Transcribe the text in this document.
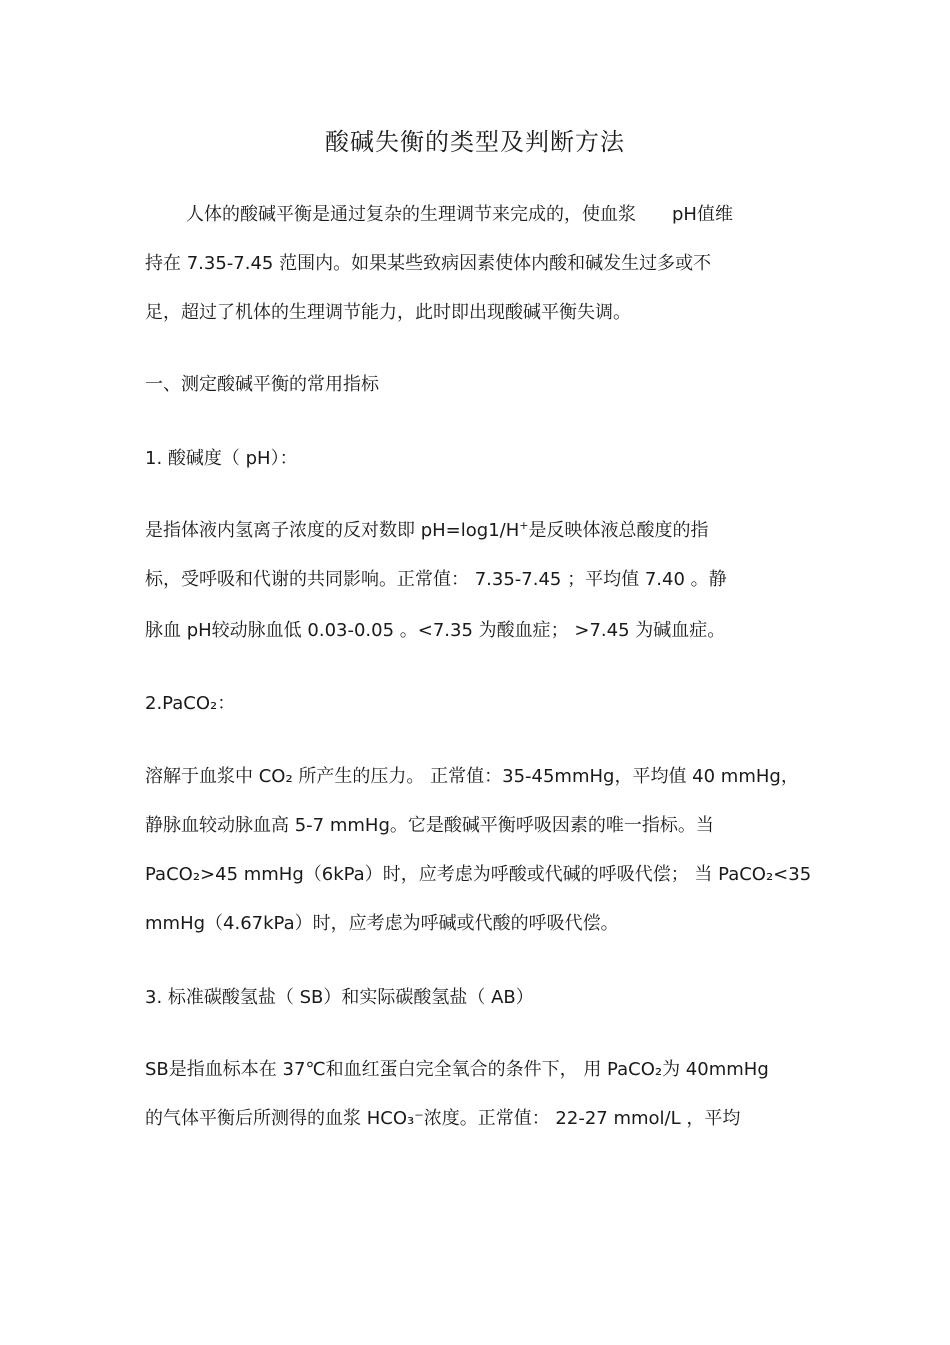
酸碱失衡的类型及判断方法
人体的酸碱平衡是通过复杂的生理调节来完成的，使血浆　　pH值维
持在 7.35-7.45 范围内。如果某些致病因素使体内酸和碱发生过多或不
足，超过了机体的生理调节能力，此时即出现酸碱平衡失调。
一、测定酸碱平衡的常用指标
1. 酸碱度（ pH）：
是指体液内氢离子浓度的反对数即 pH=log1/H+是反映体液总酸度的指
标，受呼吸和代谢的共同影响。正常值： 7.35-7.45 ；平均值 7.40 。静
脉血 pH较动脉血低 0.03-0.05 。<7.35 为酸血症； >7.45 为碱血症。
2.PaCO₂：
溶解于血浆中 CO₂ 所产生的压力。 正常值：35-45mmHg，平均值 40 mmHg，
静脉血较动脉血高 5-7 mmHg。它是酸碱平衡呼吸因素的唯一指标。当
PaCO₂>45 mmHg（6kPa）时，应考虑为呼酸或代碱的呼吸代偿； 当 PaCO₂<35
mmHg（4.67kPa）时，应考虑为呼碱或代酸的呼吸代偿。
3. 标准碳酸氢盐（ SB）和实际碳酸氢盐（ AB）
SB是指血标本在 37℃和血红蛋白完全氧合的条件下， 用 PaCO₂为 40mmHg
的气体平衡后所测得的血浆 HCO₃⁻浓度。正常值： 22-27 mmol/L ，平均
